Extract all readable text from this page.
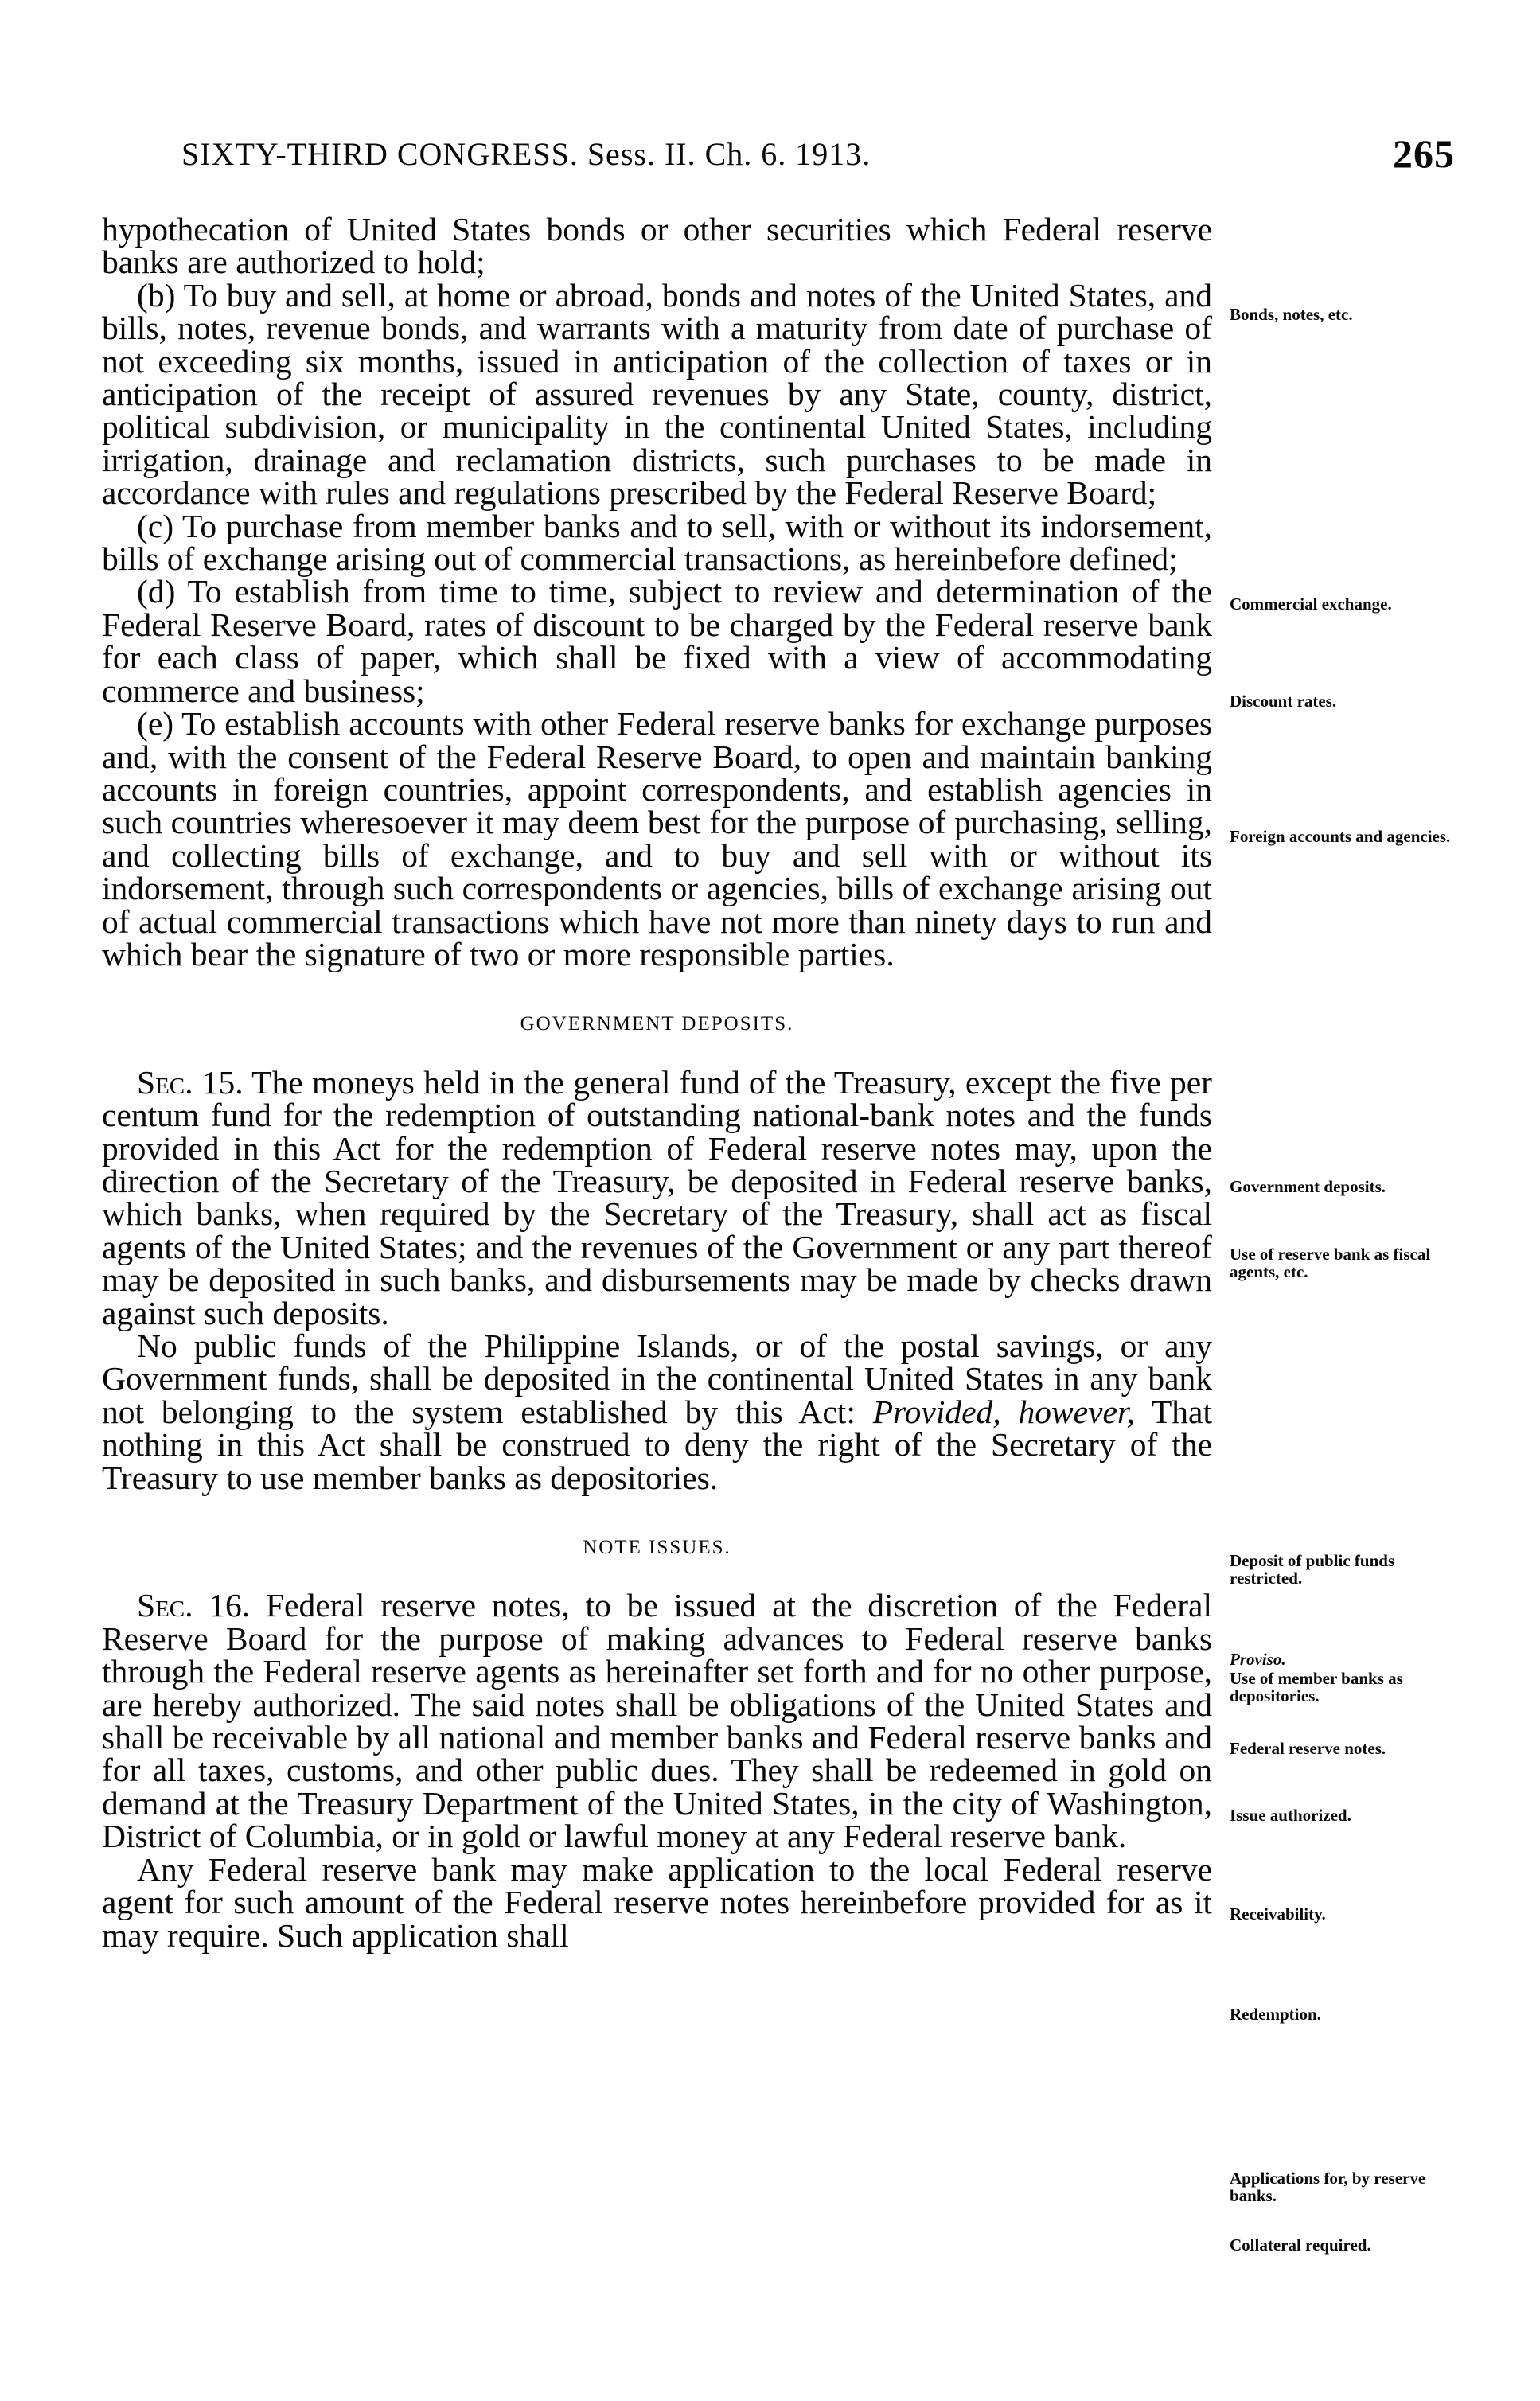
SIXTY-THIRD CONGRESS. Sess. II. Ch. 6. 1913.	265

hypothecation of United States bonds or other securities which Federal reserve banks are authorized to hold;

(b) To buy and sell, at home or abroad, bonds and notes of the United States, and bills, notes, revenue bonds, and warrants with a maturity from date of purchase of not exceeding six months, issued in anticipation of the collection of taxes or in anticipation of the receipt of assured revenues by any State, county, district, political subdivision, or municipality in the continental United States, including irrigation, drainage and reclamation districts, such purchases to be made in accordance with rules and regulations prescribed by the Federal Reserve Board;

(c) To purchase from member banks and to sell, with or without its indorsement, bills of exchange arising out of commercial transactions, as hereinbefore defined;

(d) To establish from time to time, subject to review and determination of the Federal Reserve Board, rates of discount to be charged by the Federal reserve bank for each class of paper, which shall be fixed with a view of accommodating commerce and business;

(e) To establish accounts with other Federal reserve banks for exchange purposes and, with the consent of the Federal Reserve Board, to open and maintain banking accounts in foreign countries, appoint correspondents, and establish agencies in such countries wheresoever it may deem best for the purpose of purchasing, selling, and collecting bills of exchange, and to buy and sell with or without its indorsement, through such correspondents or agencies, bills of exchange arising out of actual commercial transactions which have not more than ninety days to run and which bear the signature of two or more responsible parties.

GOVERNMENT DEPOSITS.

Sec. 15. The moneys held in the general fund of the Treasury, except the five per centum fund for the redemption of outstanding national-bank notes and the funds provided in this Act for the redemption of Federal reserve notes may, upon the direction of the Secretary of the Treasury, be deposited in Federal reserve banks, which banks, when required by the Secretary of the Treasury, shall act as fiscal agents of the United States; and the revenues of the Government or any part thereof may be deposited in such banks, and disbursements may be made by checks drawn against such deposits.

No public funds of the Philippine Islands, or of the postal savings, or any Government funds, shall be deposited in the continental United States in any bank not belonging to the system established by this Act: Provided, however, That nothing in this Act shall be construed to deny the right of the Secretary of the Treasury to use member banks as depositories.

NOTE ISSUES.

Sec. 16. Federal reserve notes, to be issued at the discretion of the Federal Reserve Board for the purpose of making advances to Federal reserve banks through the Federal reserve agents as hereinafter set forth and for no other purpose, are hereby authorized. The said notes shall be obligations of the United States and shall be receivable by all national and member banks and Federal reserve banks and for all taxes, customs, and other public dues. They shall be redeemed in gold on demand at the Treasury Department of the United States, in the city of Washington, District of Columbia, or in gold or lawful money at any Federal reserve bank.

Any Federal reserve bank may make application to the local Federal reserve agent for such amount of the Federal reserve notes hereinbefore provided for as it may require. Such application shall

Bonds, notes, etc.
Commercial exchange.
Discount rates.
Foreign accounts and agencies.
Government deposits.
Use of reserve bank as fiscal agents, etc.
Deposit of public funds restricted.
Proviso.
Use of member banks as depositories.
Federal reserve notes.
Issue authorized.
Receivability.
Redemption.
Applications for, by reserve banks.
Collateral required.
